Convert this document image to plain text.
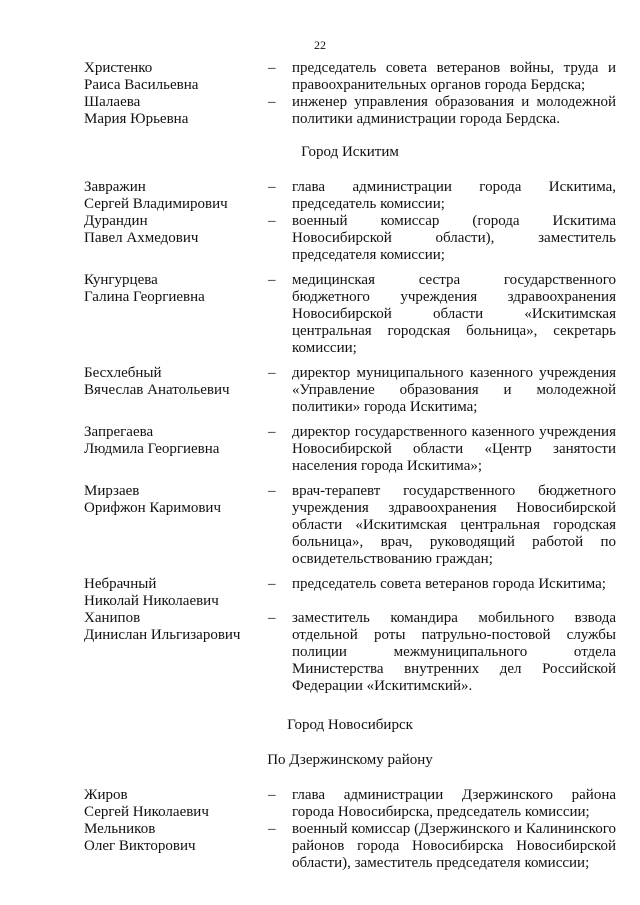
22
Христенко
Раиса Васильевна
–	председатель совета ветеранов войны, труда и правоохранительных органов города Бердска;
Шалаева
Мария Юрьевна
–	инженер управления образования и молодежной политики администрации города Бердска.
Город Искитим
Завражин
Сергей Владимирович
–	глава администрации города Искитима, председатель комиссии;
Дурандин
Павел Ахмедович
–	военный комиссар (города Искитима Новосибирской области), заместитель председателя комиссии;
Кунгурцева
Галина Георгиевна
–	медицинская сестра государственного бюджетного учреждения здравоохранения Новосибирской области «Искитимская центральная городская больница», секретарь комиссии;
Бесхлебный
Вячеслав Анатольевич
–	директор муниципального казенного учреждения «Управление образования и молодежной политики» города Искитима;
Запрегаева
Людмила Георгиевна
–	директор государственного казенного учреждения Новосибирской области «Центр занятости населения города Искитима»;
Мирзаев
Орифжон Каримович
–	врач-терапевт государственного бюджетного учреждения здравоохранения Новосибирской области «Искитимская центральная городская больница», врач, руководящий работой по освидетельствованию граждан;
Небрачный
Николай Николаевич
–	председатель совета ветеранов города Искитима;
Ханипов
Динислан Ильгизарович
–	заместитель командира мобильного взвода отдельной роты патрульно-постовой службы полиции межмуниципального отдела Министерства внутренних дел Российской Федерации «Искитимский».
Город Новосибирск
По Дзержинскому району
Жиров
Сергей Николаевич
–	глава администрации Дзержинского района города Новосибирска, председатель комиссии;
Мельников
Олег Викторович
–	военный комиссар (Дзержинского и Калининского районов города Новосибирска Новосибирской области), заместитель председателя комиссии;
